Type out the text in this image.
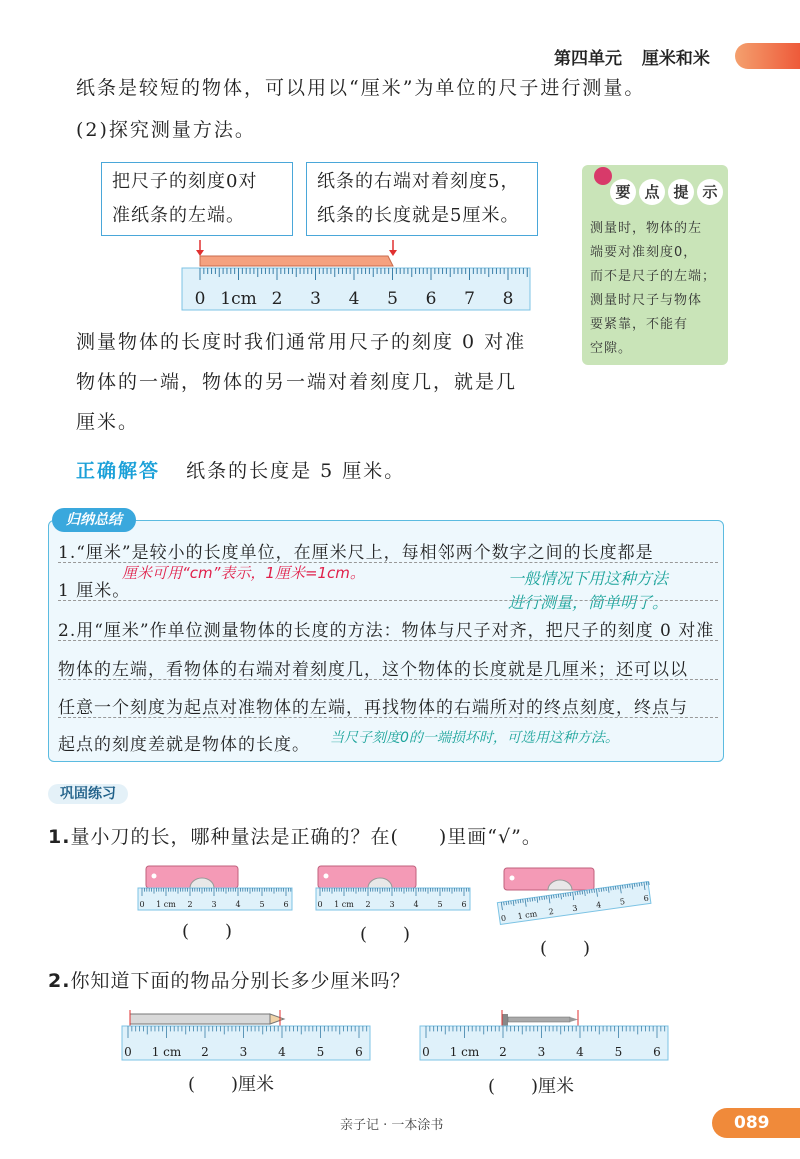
第四单元 厘米和米
纸条是较短的物体，可以用以“厘米”为单位的尺子进行测量。
(2)探究测量方法。
把尺子的刻度0对
准纸条的左端。
纸条的右端对着刻度5，
纸条的长度就是5厘米。
0 1cm 2 3 4 5 6 7 8
要 点 提 示
测量时，物体的左
端要对准刻度0，
而不是尺子的左端；
测量时尺子与物体
要紧靠，不能有
空隙。
测量物体的长度时我们通常用尺子的刻度 0 对准
物体的一端，物体的另一端对着刻度几，就是几
厘米。
正确解答 纸条的长度是 5 厘米。
归纳总结
1.“厘米”是较小的长度单位，在厘米尺上，每相邻两个数字之间的长度都是
1 厘米。
厘米可用“cm”表示，1厘米=1cm。	一般情况下用这种方法
进行测量，简单明了。
2.用“厘米”作单位测量物体的长度的方法：物体与尺子对齐，把尺子的刻度 0 对准
物体的左端，看物体的右端对着刻度几，这个物体的长度就是几厘米；还可以以
任意一个刻度为起点对准物体的左端，再找物体的右端所对的终点刻度，终点与
起点的刻度差就是物体的长度。 当尺子刻度0的一端损坏时，可选用这种方法。
巩固练习
1.量小刀的长，哪种量法是正确的？在(　　)里画“√”。
0 1 cm 2 3 4 5 6	0 1 cm 2 3 4 5 6
0 1 cm 2 3 4 5 6
(　　)	(　　)
(　　)
2.你知道下面的物品分别长多少厘米吗？
0 1 cm 2	3	4	5	6	0 1 cm 2	3	4	5	6
(　　)厘米	(　　)厘米
亲子记 · 一本涂书	089
